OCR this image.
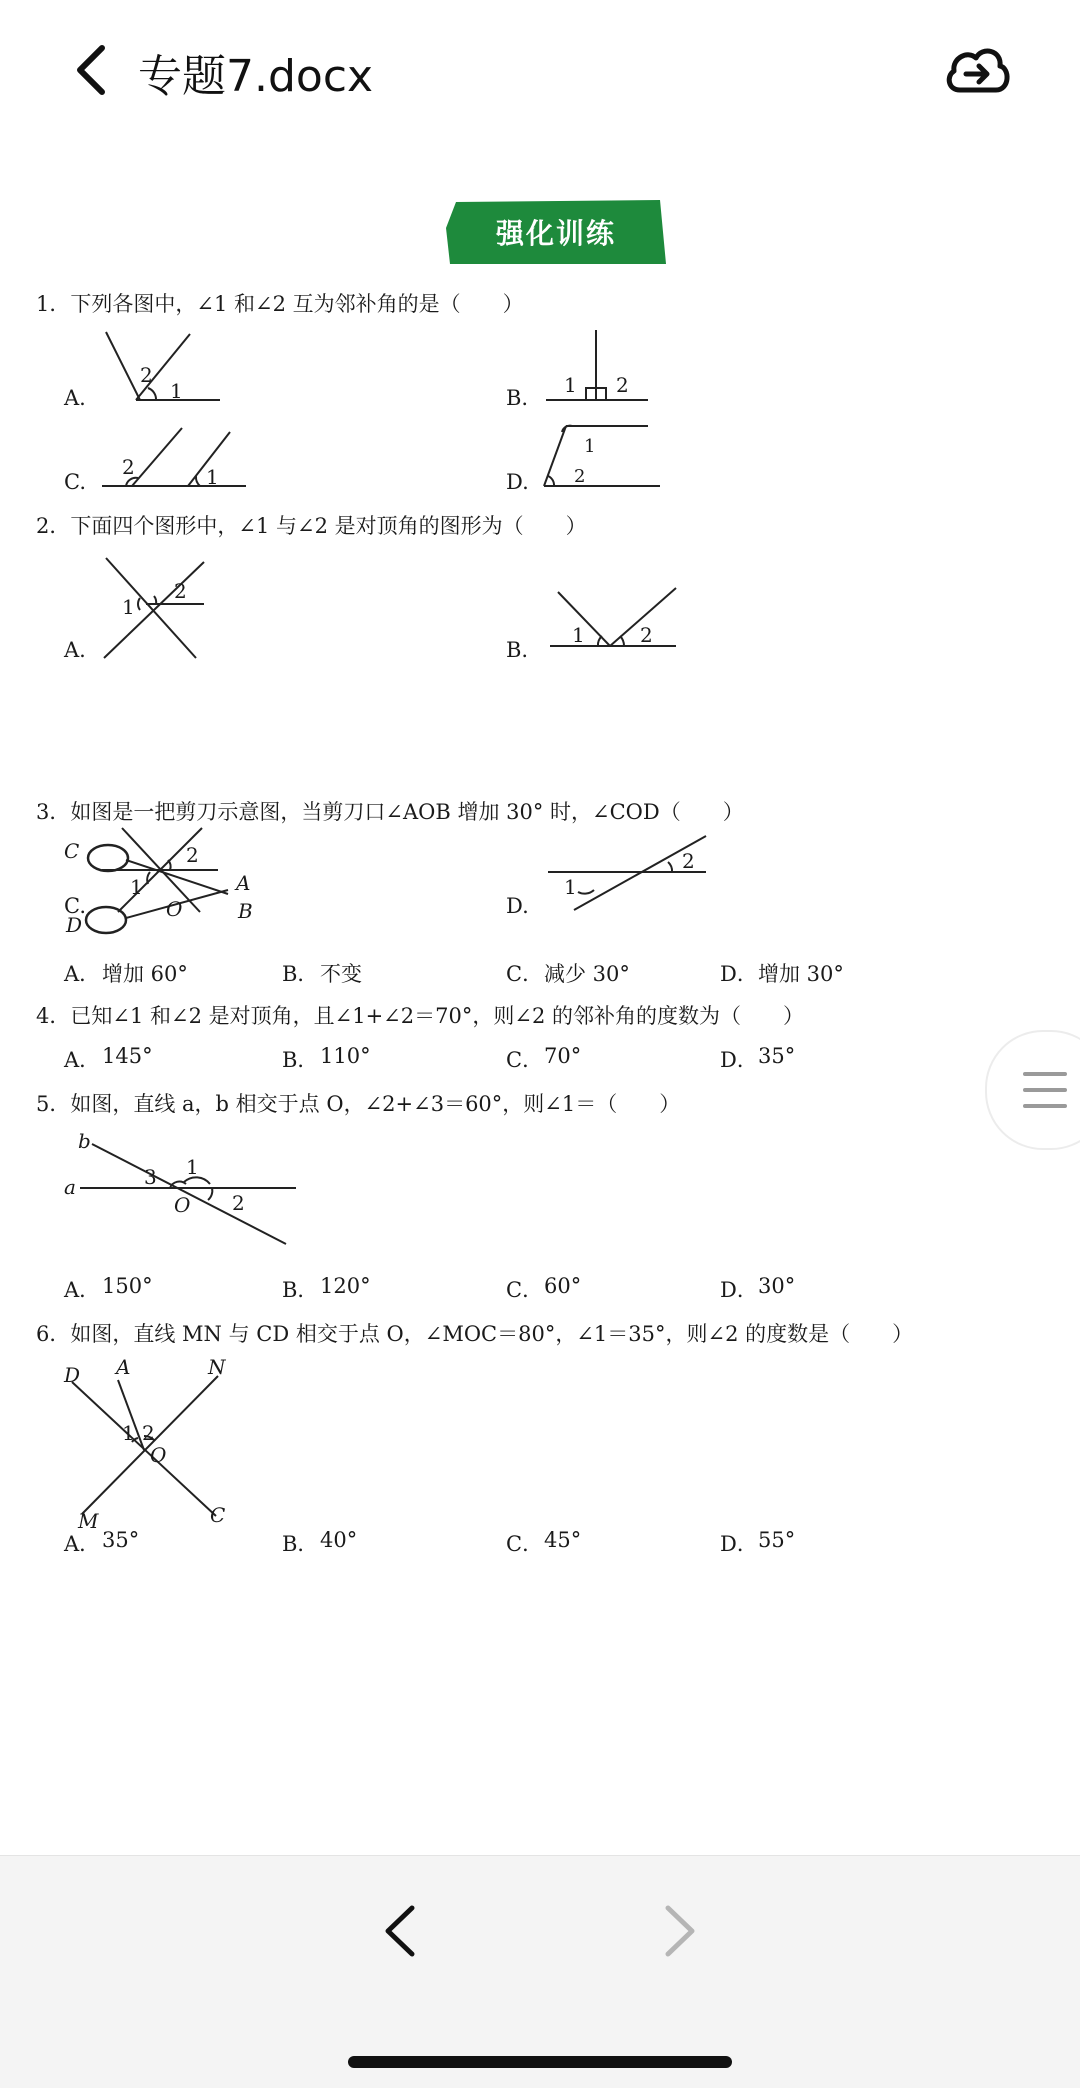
专题7.docx
强化训练
1．下列各图中，∠1 和∠2 互为邻补角的是（　　）
A.
2
1	B.
1 2
C.
2	1	D.
1
2
2．下面四个图形中，∠1 与∠2 是对顶角的图形为（　　）
A.
1
2
B.
1	2
C.
1
2
D.
1
2
3．如图是一把剪刀示意图，当剪刀口∠AOB 增加 30° 时，∠COD（　　）
C
D
A
B
O
A． 增加 60°	B． 不变	C． 减少 30°	D． 增加 30°
4．已知∠1 和∠2 是对顶角，且∠1+∠2＝70°，则∠2 的邻补角的度数为（　　）
A． 145°	B． 110°	C． 70°	D． 35°
5．如图，直线 a，b 相交于点 O，∠2+∠3＝60°，则∠1＝（　　）
b
a	3 1
O 2
A． 150°	B． 120°	C． 60°	D． 30°
6．如图，直线 MN 与 CD 相交于点 O，∠MOC＝80°，∠1＝35°，则∠2 的度数是（　　）
D A	N
1 2
O
M	C
A． 35°	B． 40°	C． 45°	D． 55°
